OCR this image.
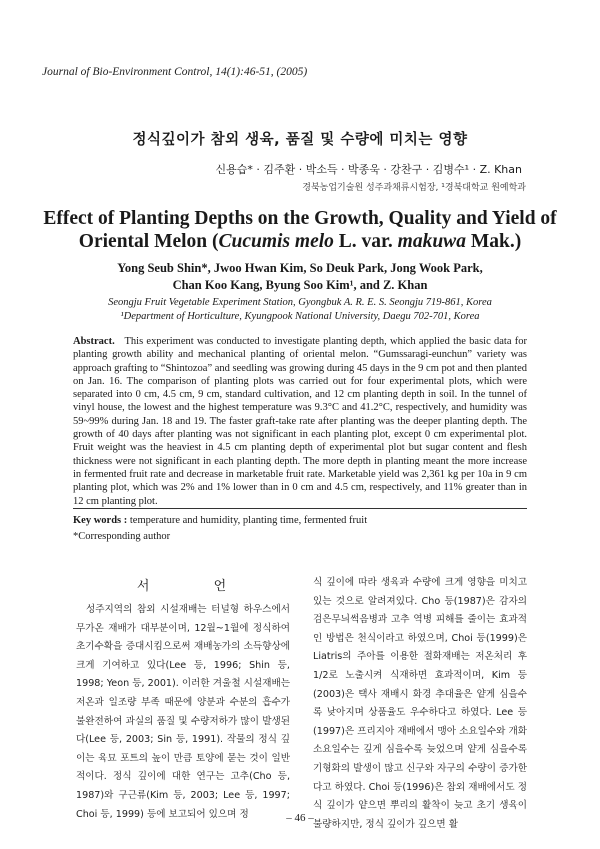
Journal of Bio-Environment Control, 14(1):46-51, (2005)
정식깊이가 참외 생육, 품질 및 수량에 미치는 영향
신용습* · 김주환 · 박소득 · 박종욱 · 강찬구 · 김병수¹ · Z. Khan
경북농업기술원 성주과채류시험장, ¹경북대학교 원예학과
Effect of Planting Depths on the Growth, Quality and Yield of
Oriental Melon (Cucumis melo L. var. makuwa Mak.)
Yong Seub Shin*, Jwoo Hwan Kim, So Deuk Park, Jong Wook Park,
Chan Koo Kang, Byung Soo Kim¹, and Z. Khan
Seongju Fruit Vegetable Experiment Station, Gyongbuk A. R. E. S. Seongju 719-861, Korea
¹Department of Horticulture, Kyungpook National University, Daegu 702-701, Korea
Abstract. This experiment was conducted to investigate planting depth, which applied the basic data for planting growth ability and mechanical planting of oriental melon. “Gumssaragi-eunchun” variety was approach grafting to “Shintozoa” and seedling was growing during 45 days in the 9 cm pot and then planted on Jan. 16. The comparison of planting plots was carried out for four experimental plots, which were separated into 0 cm, 4.5 cm, 9 cm, standard cultivation, and 12 cm planting depth in soil. In the tunnel of vinyl house, the lowest and the highest temperature was 9.3°C and 41.2°C, respectively, and humidity was 59~99% during Jan. 18 and 19. The faster graft-take rate after planting was the deeper planting depth. The growth of 40 days after planting was not significant in each planting plot, except 0 cm experimental plot. Fruit weight was the heaviest in 4.5 cm planting depth of experimental plot but sugar content and flesh thickness were not significant in each planting depth. The more depth in planting meant the more increase in fermented fruit rate and decrease in marketable fruit rate. Marketable yield was 2,361 kg per 10a in 9 cm planting plot, which was 2% and 1% lower than in 0 cm and 4.5 cm, respectively, and 11% greater than in 12 cm planting plot.
Key words : temperature and humidity, planting time, fermented fruit
*Corresponding author
서 언

성주지역의 참외 시설재배는 터널형 하우스에서 무가온 재배가 대부분이며, 12월~1월에 정식하여 초기수확을 증대시킴으로써 재배농가의 소득향상에 크게 기여하고 있다(Lee 등, 1996; Shin 등, 1998; Yeon 등, 2001). 이러한 겨울철 시설재배는 저온과 일조량 부족 때문에 양분과 수분의 흡수가 불완전하여 과실의 품질 및 수량저하가 많이 발생된다(Lee 등, 2003; Sin 등, 1991). 작물의 정식 깊이는 육묘 포트의 높이 만큼 토양에 묻는 것이 일반적이다. 정식 깊이에 대한 연구는 고추(Cho 등, 1987)와 구근류(Kim 등, 2003; Lee 등, 1997; Choi 등, 1999) 등에 보고되어 있으며 정

식 깊이에 따라 생육과 수량에 크게 영향을 미치고 있는 것으로 알려져있다. Cho 등(1987)은 감자의 검은무늬썩음병과 고추 역병 피해를 줄이는 효과적인 방법은 천식이라고 하였으며, Choi 등(1999)은 Liatris의 주아를 이용한 절화재배는 저온처리 후 1/2로 노출시켜 식재하면 효과적이며, Kim 등(2003)은 택사 재배시 화경 추대율은 얕게 심을수록 낮아지며 상품율도 우수하다고 하였다. Lee 등(1997)은 프리지아 재배에서 맹아 소요일수와 개화소요일수는 깊게 심을수록 늦었으며 얕게 심을수록 기형화의 발생이 많고 신구와 자구의 수량이 증가한다고 하였다. Choi 등(1996)은 참외 재배에서도 정식 깊이가 얕으면 뿌리의 활착이 늦고 초기 생육이 불량하지만, 정식 깊이가 깊으면 활

– 46 –
